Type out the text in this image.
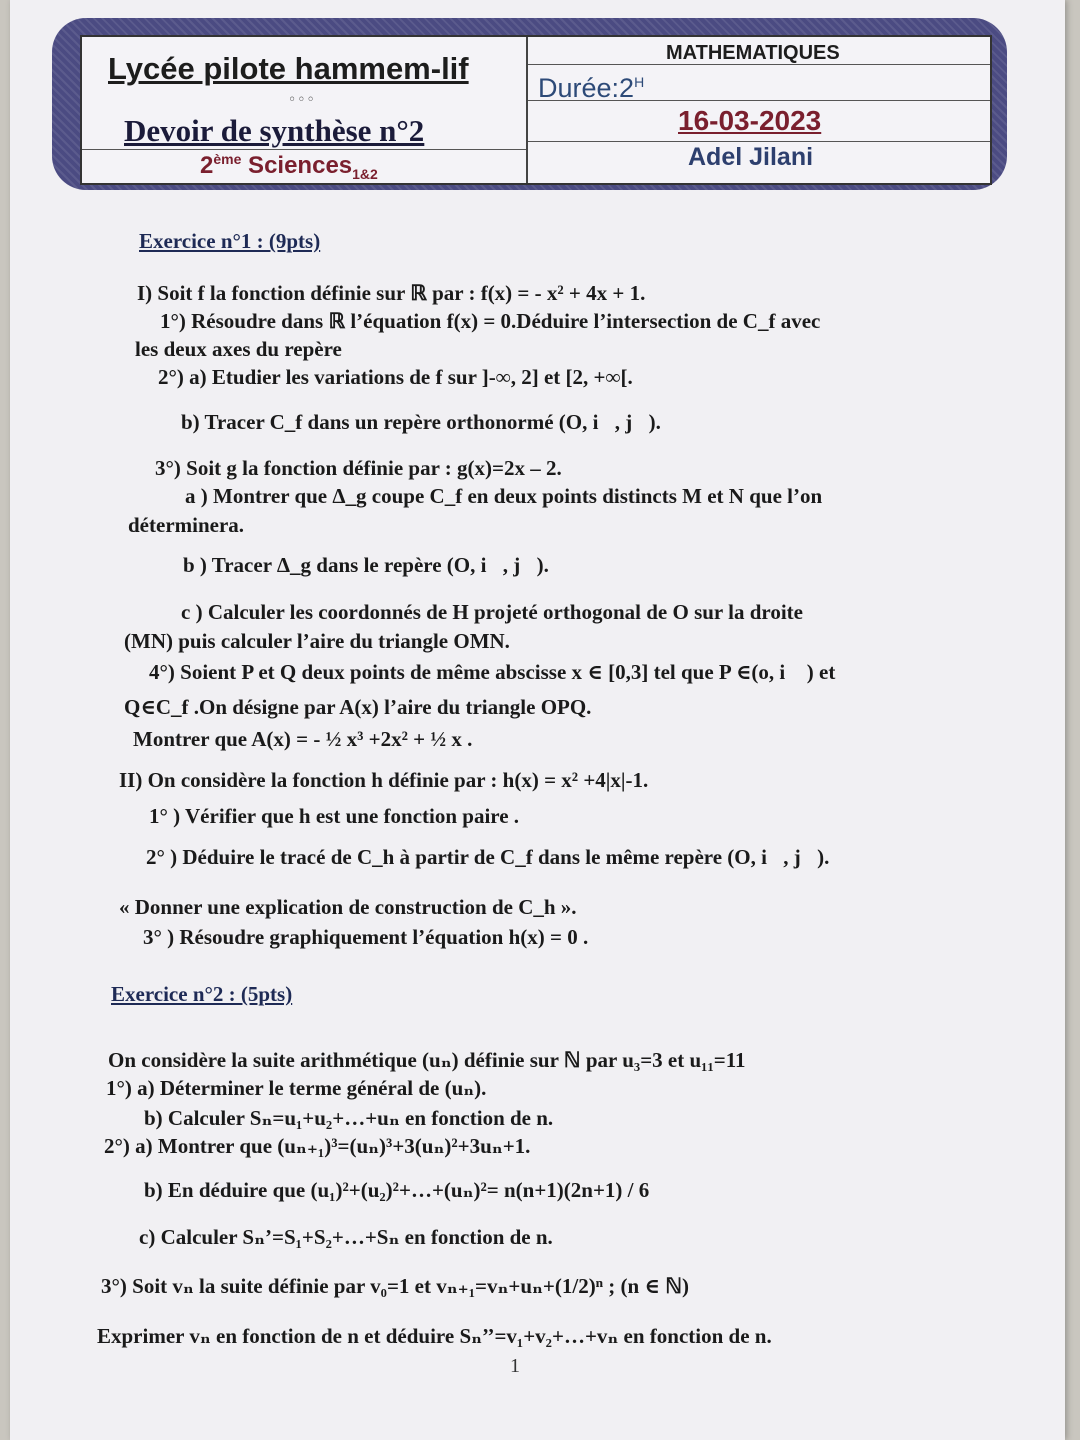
Lycée pilote hammem-lif
◦◦◦
Devoir de synthèse n°2
2ème Sciences$_{1\&2}$
MATHEMATIQUES
$Durée:2^H$
16-03-2023
Adel Jilani
Exercice n°1 : (9pts)
I) Soit f la fonction définie sur ℝ par : f(x) = - x² + 4x + 1.
1°) Résoudre dans ℝ l’équation f(x) = 0.Déduire l’intersection de C_f avec
les deux axes du repère
2°) a) Etudier les variations de f sur ]-∞, 2] et [2, +∞[.
b) Tracer C_f dans un repère orthonormé (O, i⃗, j⃗).
3°) Soit g la fonction définie par : g(x)=2x – 2.
a ) Montrer que Δ_g coupe C_f en deux points distincts M et N que l’on
déterminera.
b ) Tracer Δ_g dans le repère (O, i⃗, j⃗).
c ) Calculer les coordonnés de H projeté orthogonal de O sur la droite
(MN) puis calculer l’aire du triangle OMN.
4°) Soient P et Q deux points de même abscisse x ∈ [0,3] tel que P ∈(o, i⃗ ) et
Q∈C_f .On désigne par A(x) l’aire du triangle OPQ.
Montrer que A(x) = - ½ x³ +2x² + ½ x .
II) On considère la fonction h définie par : h(x) = x² +4|x|-1.
1° ) Vérifier que h est une fonction paire .
2° ) Déduire le tracé de C_h à partir de C_f dans le même repère (O, i⃗, j⃗).
« Donner une explication de construction de C_h ».
3° ) Résoudre graphiquement l’équation h(x) = 0 .
Exercice n°2 : (5pts)
On considère la suite arithmétique (uₙ) définie sur ℕ par u₃=3 et u₁₁=11
1°) a) Déterminer le terme général de (uₙ).
b) Calculer Sₙ=u₁+u₂+…+uₙ en fonction de n.
2°) a) Montrer que (uₙ₊₁)³=(uₙ)³+3(uₙ)²+3uₙ+1.
b) En déduire que (u₁)²+(u₂)²+…+(uₙ)²= n(n+1)(2n+1) / 6
c) Calculer Sₙ’=S₁+S₂+…+Sₙ en fonction de n.
3°) Soit vₙ la suite définie par v₀=1 et vₙ₊₁=vₙ+uₙ+(1/2)ⁿ ; (n ∈ ℕ)
Exprimer vₙ en fonction de n et déduire Sₙ’’=v₁+v₂+…+vₙ en fonction de n.
1
